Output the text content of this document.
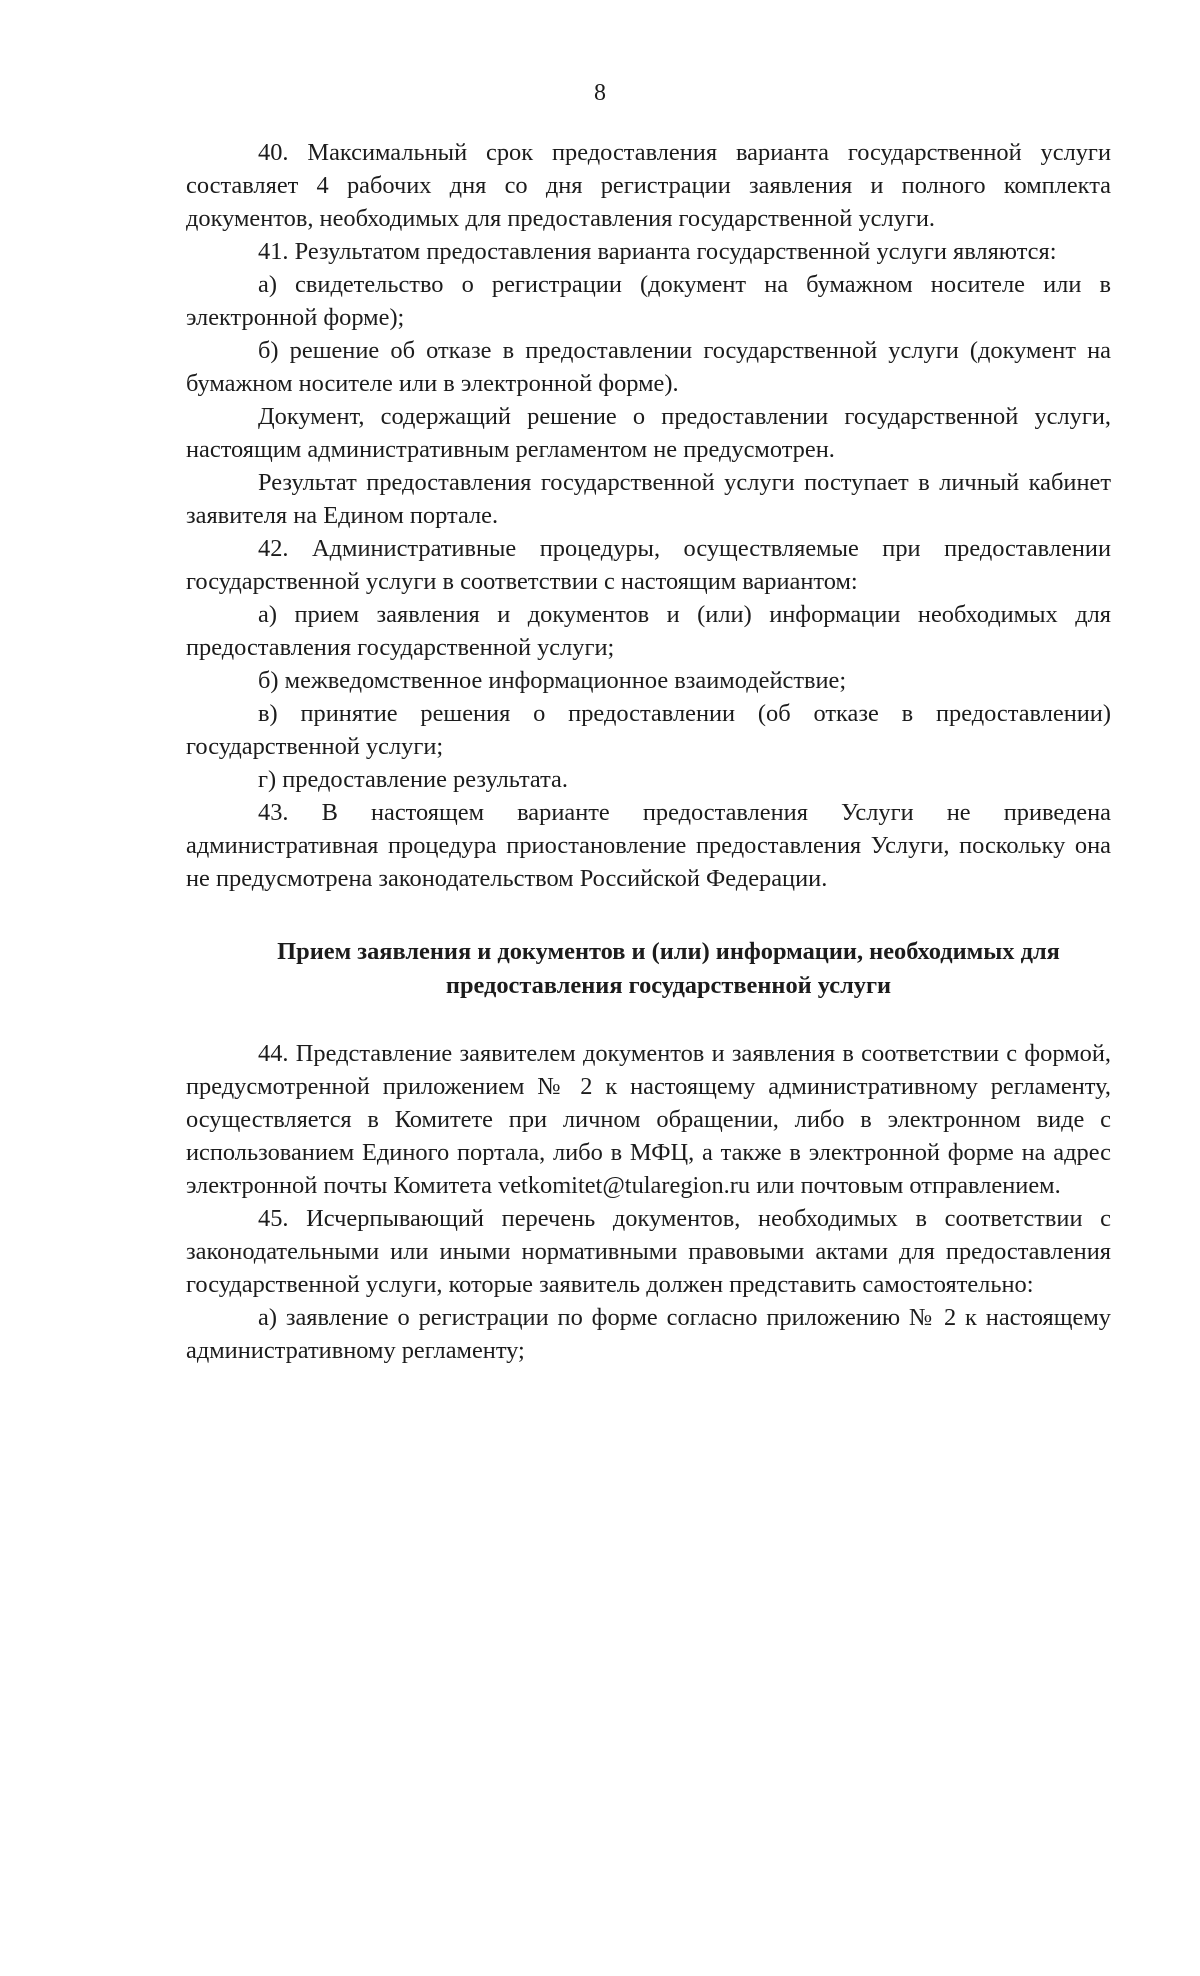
8

40. Максимальный срок предоставления варианта государственной услуги составляет 4 рабочих дня со дня регистрации заявления и полного комплекта документов, необходимых для предоставления государственной услуги.

41. Результатом предоставления варианта государственной услуги являются:

а) свидетельство о регистрации (документ на бумажном носителе или в электронной форме);

б) решение об отказе в предоставлении государственной услуги (документ на бумажном носителе или в электронной форме).

Документ, содержащий решение о предоставлении государственной услуги, настоящим административным регламентом не предусмотрен.

Результат предоставления государственной услуги поступает в личный кабинет заявителя на Едином портале.

42. Административные процедуры, осуществляемые при предоставлении государственной услуги в соответствии с настоящим вариантом:

а) прием заявления и документов и (или) информации необходимых для предоставления государственной услуги;

б) межведомственное информационное взаимодействие;

в) принятие решения о предоставлении (об отказе в предоставлении) государственной услуги;

г) предоставление результата.

43. В настоящем варианте предоставления Услуги не приведена административная процедура приостановление предоставления Услуги, поскольку она не предусмотрена законодательством Российской Федерации.

Прием заявления и документов и (или) информации, необходимых для предоставления государственной услуги

44. Представление заявителем документов и заявления в соответствии с формой, предусмотренной приложением № 2 к настоящему административному регламенту, осуществляется в Комитете при личном обращении, либо в электронном виде с использованием Единого портала, либо в МФЦ, а также в электронной форме на адрес электронной почты Комитета vetkomitet@tularegion.ru или почтовым отправлением.

45. Исчерпывающий перечень документов, необходимых в соответствии с законодательными или иными нормативными правовыми актами для предоставления государственной услуги, которые заявитель должен представить самостоятельно:

а) заявление о регистрации по форме согласно приложению № 2 к настоящему административному регламенту;
